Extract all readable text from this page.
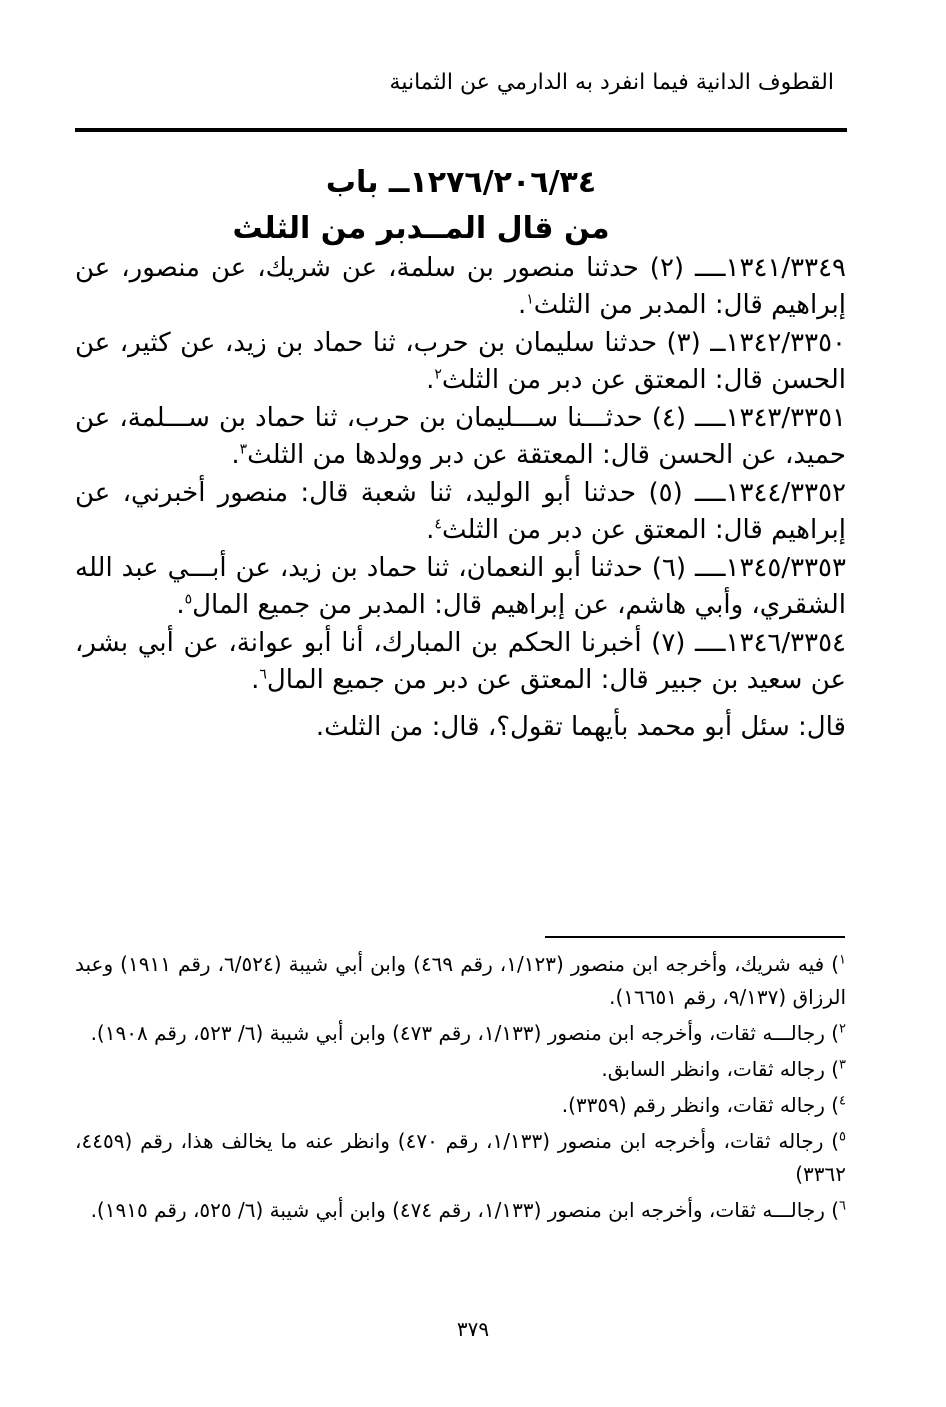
القطوف الدانية فيما انفرد به الدارمي عن الثمانية
١٢٧٦/٢٠٦/٣٤ــ باب
من قال المــدبر من الثلث

١٣٤١/٣٣٤٩ــــ (٢) حدثنا منصور بن سلمة، عن شريك، عن منصور، عن إبراهيم قال: المدبر من الثلث$^١$.

١٣٤٢/٣٣٥٠ــ (٣) حدثنا سليمان بن حرب، ثنا حماد بن زيد، عن كثير، عن الحسن قال: المعتق عن دبر من الثلث$^٢$.

١٣٤٣/٣٣٥١ــــ (٤) حدثـــنا ســـليمان بن حرب، ثنا حماد بن ســـلمة، عن حميد، عن الحسن قال: المعتقة عن دبر وولدها من الثلث$^٣$.

١٣٤٤/٣٣٥٢ــــ (٥) حدثنا أبو الوليد، ثنا شعبة قال: منصور أخبرني، عن إبراهيم قال: المعتق عن دبر من الثلث$^٤$.

١٣٤٥/٣٣٥٣ــــ (٦) حدثنا أبو النعمان، ثنا حماد بن زيد، عن أبـــي عبد الله الشقري، وأبي هاشم، عن إبراهيم قال: المدبر من جميع المال$^٥$.

١٣٤٦/٣٣٥٤ــــ (٧) أخبرنا الحكم بن المبارك، أنا أبو عوانة، عن أبي بشر، عن سعيد بن جبير قال: المعتق عن دبر من جميع المال$^٦$.

قال: سئل أبو محمد بأيهما تقول؟، قال: من الثلث.

$^١$) فيه شريك، وأخرجه ابن منصور (١/١٢٣، رقم ٤٦٩) وابن أبي شيبة (٦/٥٢٤، رقم ١٩١١) وعبد الرزاق (٩/١٣٧، رقم ١٦٦٥١).

$^٢$) رجالـــه ثقات، وأخرجه ابن منصور (١/١٣٣، رقم ٤٧٣) وابن أبي شيبة (٦/ ٥٢٣، رقم ١٩٠٨).

$^٣$) رجاله ثقات، وانظر السابق.

$^٤$) رجاله ثقات، وانظر رقم (٣٣٥٩).

$^٥$) رجاله ثقات، وأخرجه ابن منصور (١/١٣٣، رقم ٤٧٠) وانظر عنه ما يخالف هذا، رقم (٤٤٥٩، ٣٣٦٢)

$^٦$) رجالـــه ثقات، وأخرجه ابن منصور (١/١٣٣، رقم ٤٧٤) وابن أبي شيبة (٦/ ٥٢٥، رقم ١٩١٥).

٣٧٩
